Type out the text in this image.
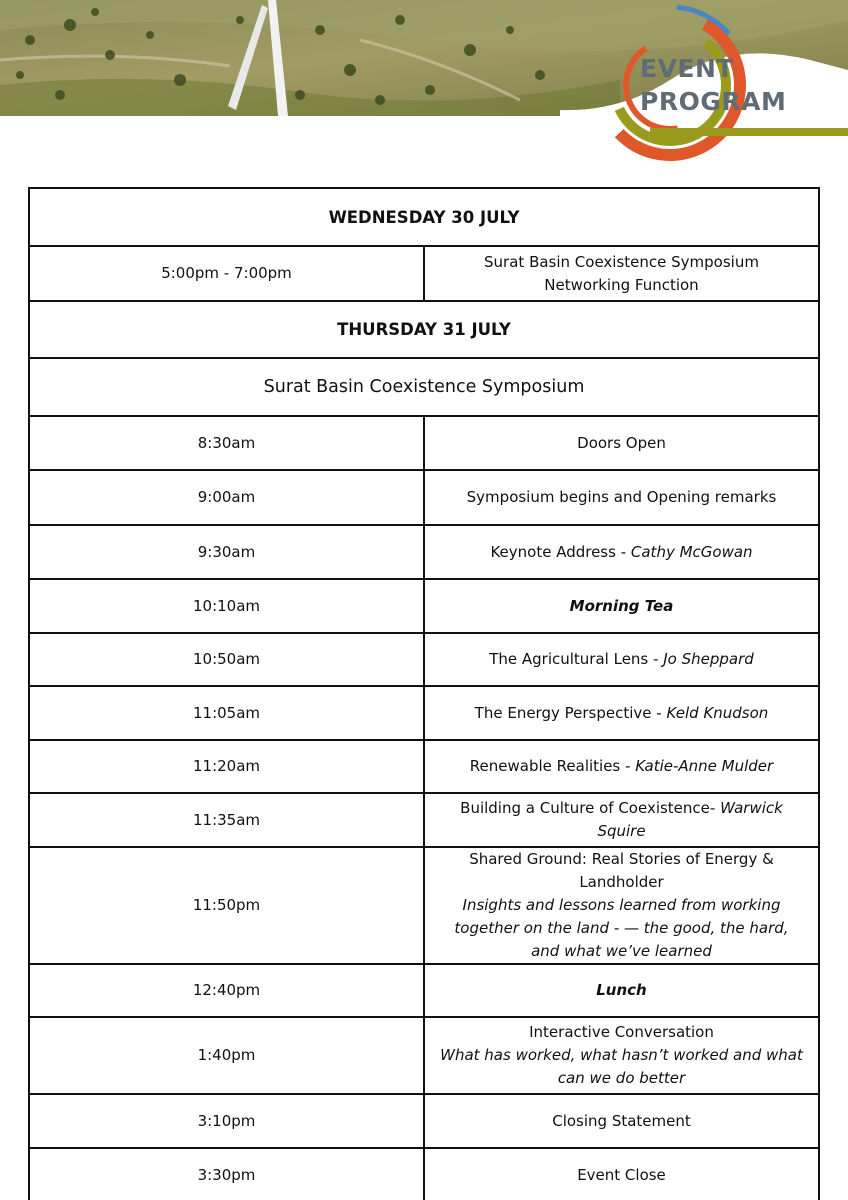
EVENT
PROGRAM
WEDNESDAY 30 JULY	
5:00pm - 7:00pm	Surat Basin Coexistence Symposium Networking Function
THURSDAY 31 JULY	
Surat Basin Coexistence Symposium	
8:30am	Doors Open
9:00am	Symposium begins and Opening remarks
9:30am	Keynote Address - Cathy McGowan
10:10am	Morning Tea
10:50am	The Agricultural Lens - Jo Sheppard
11:05am	The Energy Perspective - Keld Knudson
11:20am	Renewable Realities - Katie-Anne Mulder
11:35am	Building a Culture of Coexistence- Warwick Squire
11:50pm	Shared Ground: Real Stories of Energy & Landholder
Insights and lessons learned from working together on the land - — the good, the hard, and what we’ve learned

12:40pm	Lunch
1:40pm	Interactive Conversation
What has worked, what hasn’t worked and what can we do better

3:10pm	Closing Statement
3:30pm	Event Close
